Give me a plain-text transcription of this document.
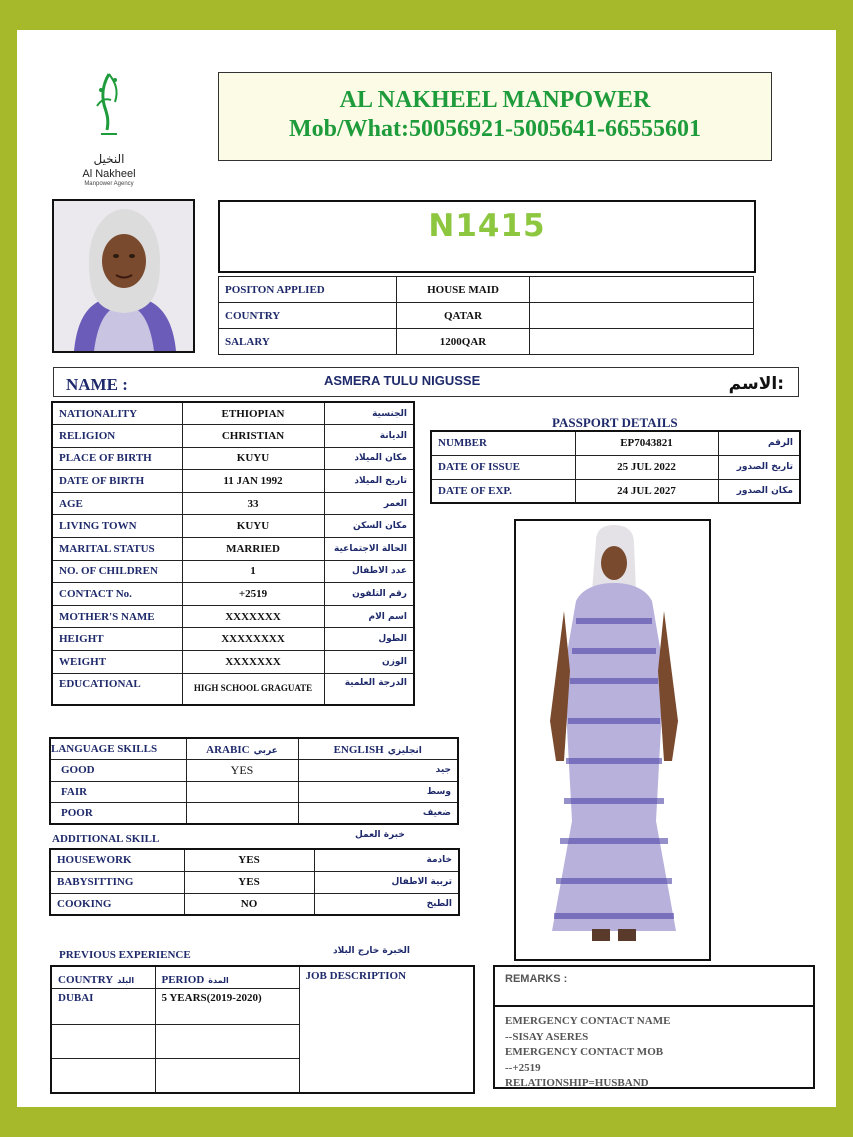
النخيل
Al Nakheel
Manpower Agency
AL NAKHEEL MANPOWER
Mob/What:50056921-5005641-66555601
N1415
POSITON APPLIED	HOUSE MAID	
COUNTRY	QATAR	
SALARY	1200QAR	
NAME :	ASMERA TULU NIGUSSE	الاسم:
NATIONALITY	ETHIOPIAN	الجنسية
RELIGION	CHRISTIAN	الديانة
PLACE OF BIRTH	KUYU	مكان الميلاد
DATE OF BIRTH	11 JAN 1992	تاريخ الميلاد
AGE	33	العمر
LIVING TOWN	KUYU	مكان السكن
MARITAL STATUS	MARRIED	الحالة الاجتماعية
NO. OF CHILDREN	1	عدد الاطفال
CONTACT No.	+2519	رقم التلفون
MOTHER'S NAME	XXXXXXX	اسم الام
HEIGHT	XXXXXXXX	الطول
WEIGHT	XXXXXXX	الوزن
EDUCATIONAL	HIGH SCHOOL GRAGUATE	الدرجة العلمية
PASSPORT DETAILS
NUMBER	EP7043821	الرقم
DATE OF ISSUE	25 JUL 2022	تاريخ الصدور
DATE OF EXP.	24 JUL 2027	مكان الصدور
LANGUAGE SKILLS	ARABIC عربي	ENGLISH انجليزي
GOOD	YES	جيد
FAIR		وسط
POOR		ضعيف
ADDITIONAL SKILL	خبرة العمل
HOUSEWORK	YES	خادمة
BABYSITTING	YES	تربية الاطفال
COOKING	NO	الطبخ
PREVIOUS EXPERIENCE	الخبرة خارج البلاد
COUNTRY البلد	PERIOD المدة	JOB DESCRIPTION
DUBAI	5 YEARS(2019-2020)	

REMARKS :
EMERGENCY CONTACT NAME
--SISAY ASERES
EMERGENCY CONTACT MOB
--+2519
RELATIONSHIP=HUSBAND
